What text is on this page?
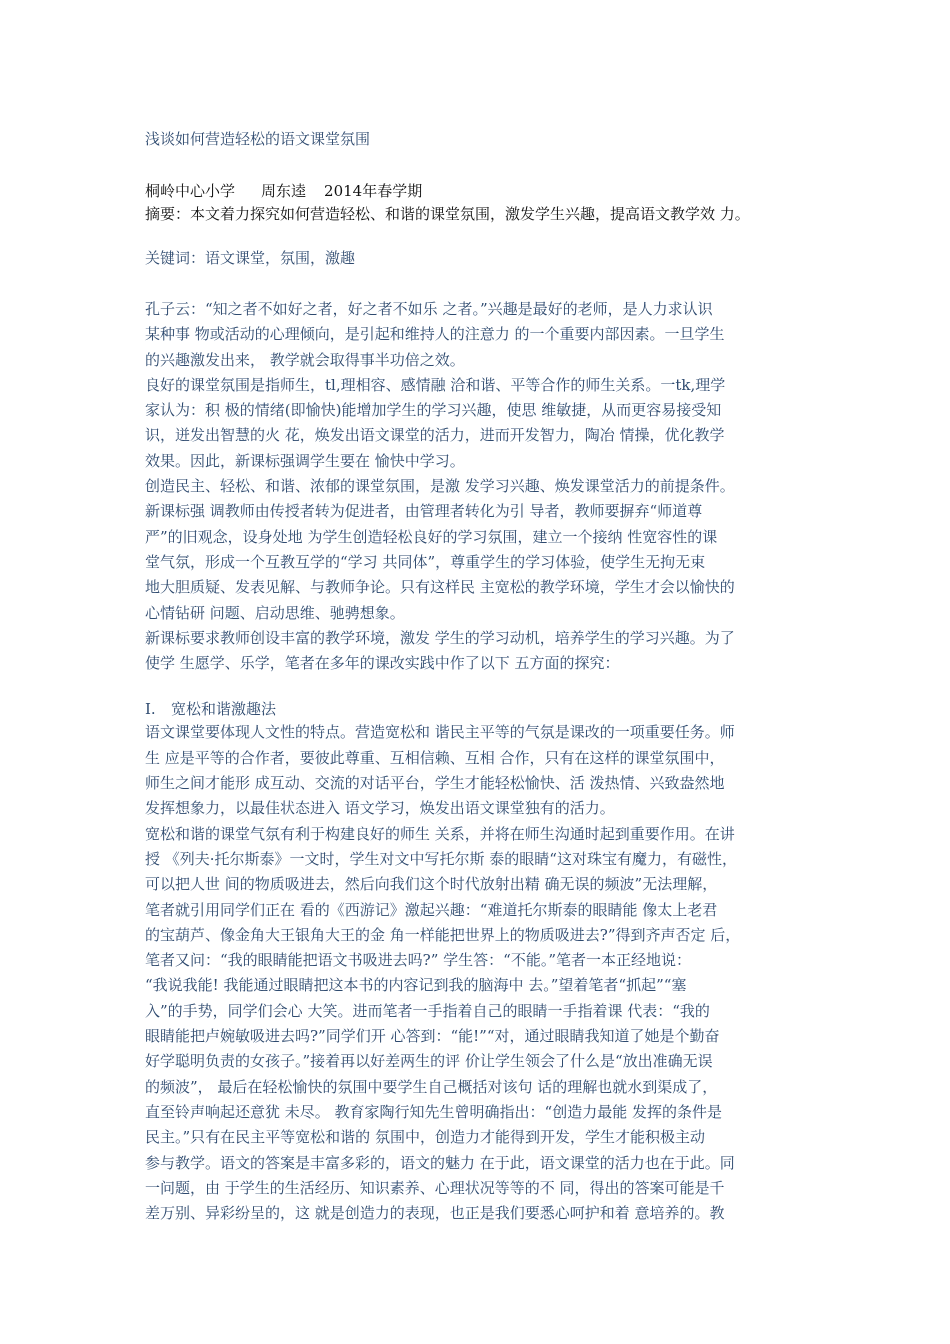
浅谈如何营造轻松的语文课堂氛围

桐岭中心小学 周东逵 2014年春学期

摘要：本文着力探究如何营造轻松、和谐的课堂氛围，激发学生兴趣，提高语文教学效 力。

关键词：语文课堂，氛围，激趣

孔子云：“知之者不如好之者，好之者不如乐 之者。”兴趣是最好的老师，是人力求认识
某种事 物或活动的心理倾向，是引起和维持人的注意力 的一个重要内部因素。一旦学生
的兴趣激发出来， 教学就会取得事半功倍之效。
良好的课堂氛围是指师生，tl,理相容、感情融 洽和谐、平等合作的师生关系。一tk,理学
家认为：积 极的情绪(即愉快)能增加学生的学习兴趣，使思 维敏捷，从而更容易接受知
识，迸发出智慧的火 花，焕发出语文课堂的活力，进而开发智力，陶冶 情操，优化教学
效果。因此，新课标强调学生要在 愉快中学习。
创造民主、轻松、和谐、浓郁的课堂氛围，是激 发学习兴趣、焕发课堂活力的前提条件。
新课标强 调教师由传授者转为促进者，由管理者转化为引 导者，教师要摒弃“师道尊
严”的旧观念，设身处地 为学生创造轻松良好的学习氛围，建立一个接纳 性宽容性的课
堂气氛，形成一个互教互学的“学习 共同体”，尊重学生的学习体验，使学生无拘无束
地大胆质疑、发表见解、与教师争论。只有这样民 主宽松的教学环境，学生才会以愉快的
心情钻研 问题、启动思维、驰骋想象。
新课标要求教师创设丰富的教学环境，激发 学生的学习动机，培养学生的学习兴趣。为了
使学 生愿学、乐学，笔者在多年的课改实践中作了以下 五方面的探究：

I. 宽松和谐激趣法

语文课堂要体现人文性的特点。营造宽松和 谐民主平等的气氛是课改的一项重要任务。师
生 应是平等的合作者，要彼此尊重、互相信赖、互相 合作，只有在这样的课堂氛围中，
师生之间才能形 成互动、交流的对话平台，学生才能轻松愉快、活 泼热情、兴致盎然地
发挥想象力，以最佳状态进入 语文学习，焕发出语文课堂独有的活力。
宽松和谐的课堂气氛有利于构建良好的师生 关系，并将在师生沟通时起到重要作用。在讲
授 《列夫·托尔斯泰》一文时，学生对文中写托尔斯 泰的眼睛“这对珠宝有魔力，有磁性，
可以把人世 间的物质吸进去，然后向我们这个时代放射出精 确无误的频波”无法理解，
笔者就引用同学们正在 看的《西游记》激起兴趣：“难道托尔斯泰的眼睛能 像太上老君
的宝葫芦、像金角大王银角大王的金 角一样能把世界上的物质吸进去?”得到齐声否定 后，
笔者又问：“我的眼睛能把语文书吸进去吗?” 学生答：“不能。”笔者一本正经地说：
“我说我能! 我能通过眼睛把这本书的内容记到我的脑海中 去。”望着笔者“抓起”“塞
入”的手势，同学们会心 大笑。进而笔者一手指着自己的眼睛一手指着课 代表：“我的
眼睛能把卢婉敏吸进去吗?”同学们开 心答到：“能!”“对，通过眼睛我知道了她是个勤奋
好学聪明负责的女孩子。”接着再以好差两生的评 价让学生领会了什么是“放出准确无误
的频波”， 最后在轻松愉快的氛围中要学生自己概括对该句 话的理解也就水到渠成了，
直至铃声响起还意犹 未尽。 教育家陶行知先生曾明确指出：“创造力最能 发挥的条件是
民主。”只有在民主平等宽松和谐的 氛围中，创造力才能得到开发，学生才能积极主动
参与教学。语文的答案是丰富多彩的，语文的魅力 在于此，语文课堂的活力也在于此。同
一问题，由 于学生的生活经历、知识素养、心理状况等等的不 同，得出的答案可能是千
差万别、异彩纷呈的，这 就是创造力的表现，也正是我们要悉心呵护和着 意培养的。教
